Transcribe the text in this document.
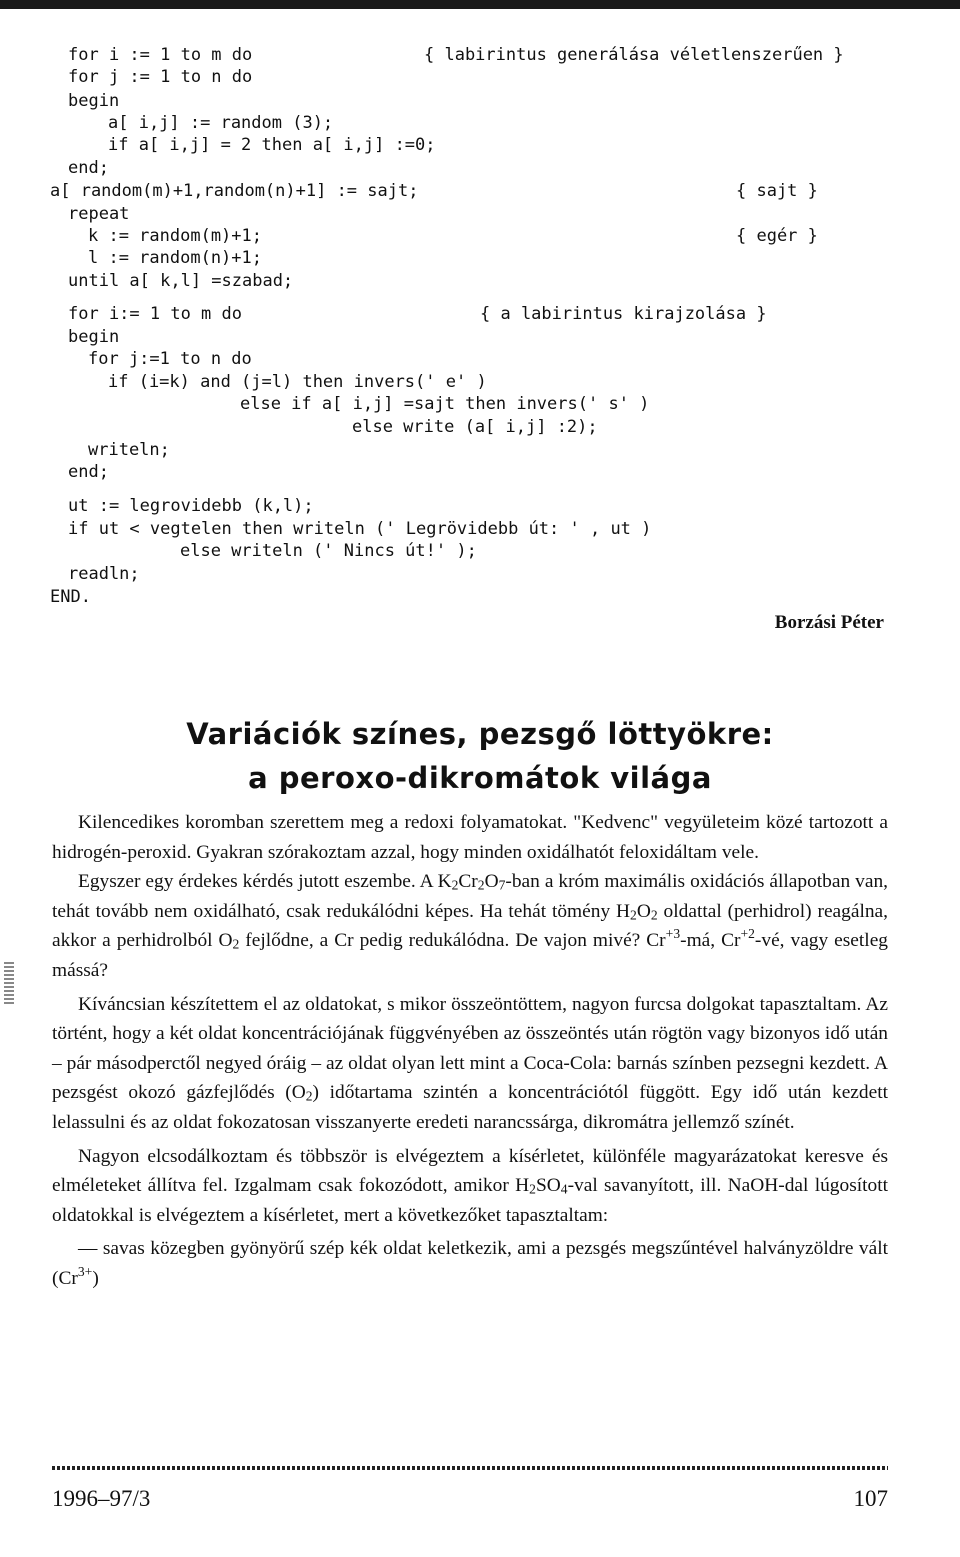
for i := 1 to m do
for j := 1 to n do
begin
a[ i,j] := random (3);
if a[ i,j] = 2 then a[ i,j] :=0;
end;
a[ random(m)+1,random(n)+1] := sajt;
repeat
k := random(m)+1;
l := random(n)+1;
until a[ k,l] =szabad;
for i:= 1 to m do
begin
for j:=1 to n do
if (i=k) and (j=l) then invers(' e' )
else if a[ i,j] =sajt then invers(' s' )
else write (a[ i,j] :2);
writeln;
end;
ut := legrovidebb (k,l);
if ut < vegtelen then writeln (' Legrövidebb út: ' , ut )
else writeln (' Nincs út!' );
readln;
END.
{ labirintus generálása véletlenszerűen }
{ sajt }
{ egér }
{ a labirintus kirajzolása }
Borzási Péter
Variációk színes, pezsgő löttyökre:
a peroxo-dikromátok világa

Kilencedikes koromban szerettem meg a redoxi folyamatokat. "Kedvenc" vegyületeim közé tartozott a hidrogén-peroxid. Gyakran szórakoztam azzal, hogy minden oxidálhatót feloxidáltam vele.

Egyszer egy érdekes kérdés jutott eszembe. A $K_2Cr_2O_7$-ban a króm maximális oxidációs állapotban van, tehát tovább nem oxidálható, csak redukálódni képes. Ha tehát tömény $H_2O_2$ oldattal (perhidrol) reagálna, akkor a perhidrolból $O_2$ fejlődne, a Cr pedig redukálódna. De vajon mivé? $Cr^{+3}-má$, $Cr^{+2}-vé$, vagy esetleg mássá?

Kíváncsian készítettem el az oldatokat, s mikor összeöntöttem, nagyon furcsa dolgokat tapasztaltam. Az történt, hogy a két oldat koncentrációjának függvényében az összeöntés után rögtön vagy bizonyos idő után – pár másodperctől negyed óráig – az oldat olyan lett mint a Coca-Cola: barnás színben pezsegni kezdett. A pezsgést okozó gázfejlődés $(O_2)$ időtartama szintén a koncentrációtól függött. Egy idő után kezdett lelassulni és az oldat fokozatosan visszanyerte eredeti narancssárga, dikromátra jellemző színét.

Nagyon elcsodálkoztam és többször is elvégeztem a kísérletet, különféle magyarázatokat keresve és elméleteket állítva fel. Izgalmam csak fokozódott, amikor $H_2SO_4$-val savanyított, ill. NaOH-dal lúgosított oldatokkal is elvégeztem a kísérletet, mert a következőket tapasztaltam:

— savas közegben gyönyörű szép kék oldat keletkezik, ami a pezsgés megszűntével halványzöldre vált $(Cr^{3+})$

1996–97/3	107
